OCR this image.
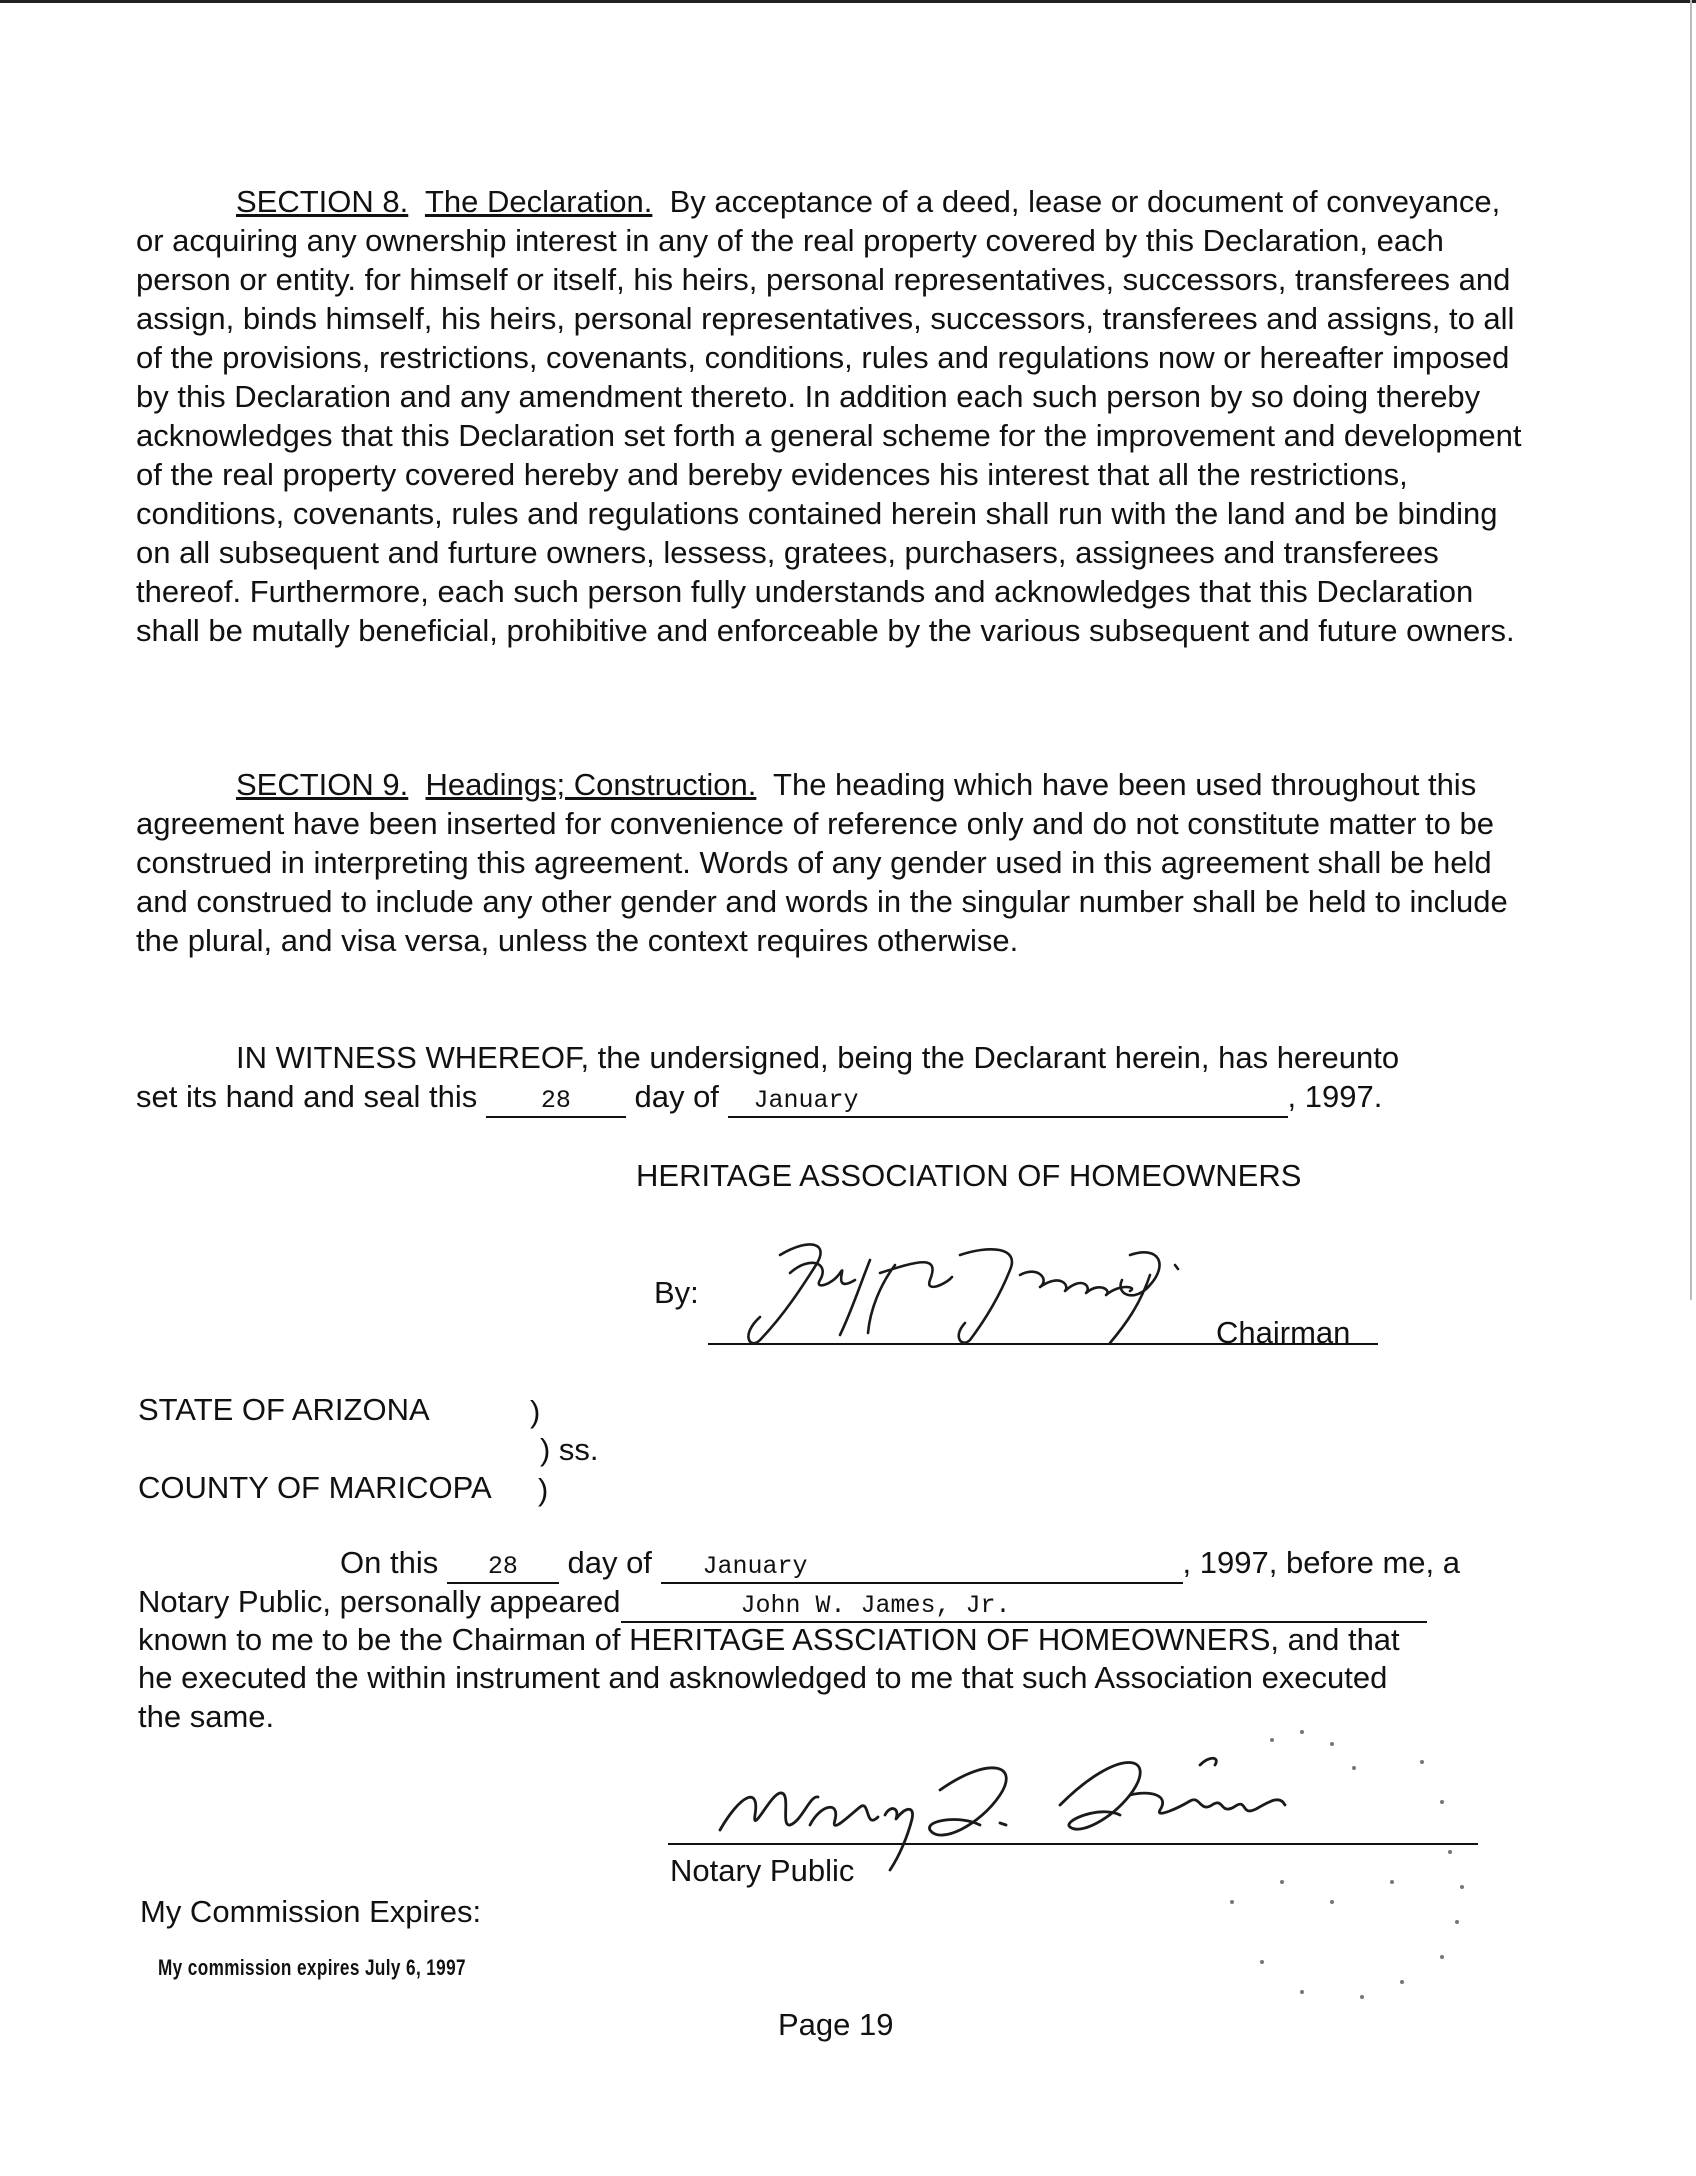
SECTION 8. The Declaration. By acceptance of a deed, lease or document of conveyance, or acquiring any ownership interest in any of the real property covered by this Declaration, each person or entity. for himself or itself, his heirs, personal representatives, successors, transferees and assign, binds himself, his heirs, personal representatives, successors, transferees and assigns, to all of the provisions, restrictions, covenants, conditions, rules and regulations now or hereafter imposed by this Declaration and any amendment thereto. In addition each such person by so doing thereby acknowledges that this Declaration set forth a general scheme for the improvement and development of the real property covered hereby and bereby evidences his interest that all the restrictions, conditions, covenants, rules and regulations contained herein shall run with the land and be binding on all subsequent and furture owners, lessess, gratees, purchasers, assignees and transferees thereof. Furthermore, each such person fully understands and acknowledges that this Declaration shall be mutally beneficial, prohibitive and enforceable by the various subsequent and future owners.

SECTION 9. Headings; Construction. The heading which have been used throughout this agreement have been inserted for convenience of reference only and do not constitute matter to be construed in interpreting this agreement. Words of any gender used in this agreement shall be held and construed to include any other gender and words in the singular number shall be held to include the plural, and visa versa, unless the context requires otherwise.

IN WITNESS WHEREOF, the undersigned, being the Declarant herein, has hereunto

set its hand and seal this	28 day of January	, 1997.

HERITAGE ASSOCIATION OF HOMEOWNERS

By:

Chairman

STATE OF ARIZONA	)

) ss.

COUNTY OF MARICOPA )

On this 28 day of January	, 1997, before me, a

Notary Public, personally appeared	John W. James, Jr.

known to me to be the Chairman of HERITAGE ASSCIATION OF HOMEOWNERS, and that

he executed the within instrument and asknowledged to me that such Association executed

the same.

Notary Public

My Commission Expires:

My commission expires July 6, 1997

Page 19
